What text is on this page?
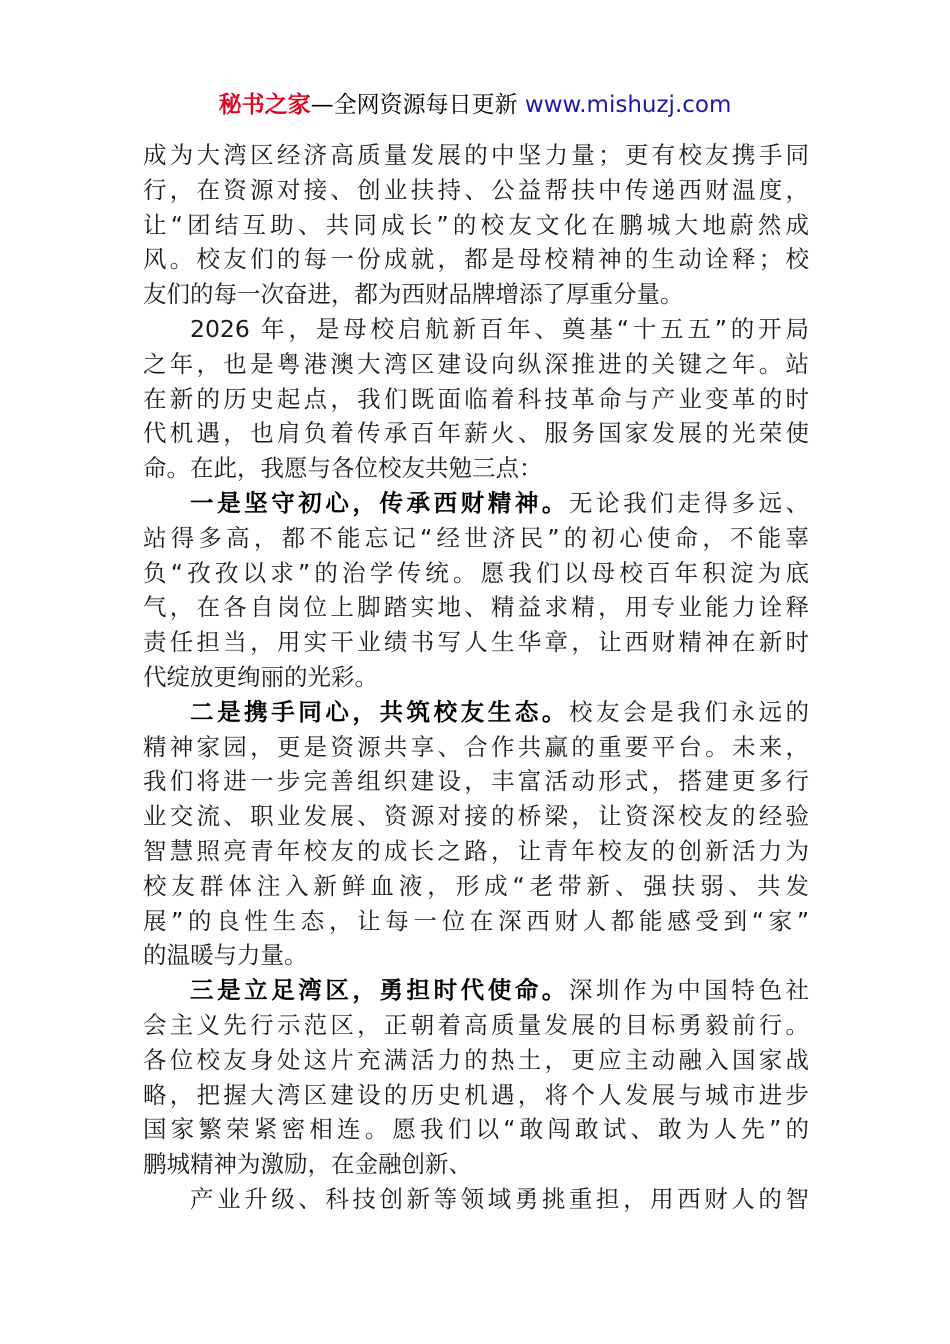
秘书之家—全网资源每日更新 www.mishuzj.com
成为大湾区经济高质量发展的中坚力量；更有校友携手同
行，在资源对接、创业扶持、公益帮扶中传递西财温度，
让“团结互助、共同成长”的校友文化在鹏城大地蔚然成
风。校友们的每一份成就，都是母校精神的生动诠释；校
友们的每一次奋进，都为西财品牌增添了厚重分量。
2026 年，是母校启航新百年、奠基“十五五”的开局
之年，也是粤港澳大湾区建设向纵深推进的关键之年。站
在新的历史起点，我们既面临着科技革命与产业变革的时
代机遇，也肩负着传承百年薪火、服务国家发展的光荣使
命。在此，我愿与各位校友共勉三点：
一是坚守初心，传承西财精神。无论我们走得多远、
站得多高，都不能忘记“经世济民”的初心使命，不能辜
负“孜孜以求”的治学传统。愿我们以母校百年积淀为底
气，在各自岗位上脚踏实地、精益求精，用专业能力诠释
责任担当，用实干业绩书写人生华章，让西财精神在新时
代绽放更绚丽的光彩。
二是携手同心，共筑校友生态。校友会是我们永远的
精神家园，更是资源共享、合作共赢的重要平台。未来，
我们将进一步完善组织建设，丰富活动形式，搭建更多行
业交流、职业发展、资源对接的桥梁，让资深校友的经验
智慧照亮青年校友的成长之路，让青年校友的创新活力为
校友群体注入新鲜血液，形成“老带新、强扶弱、共发
展”的良性生态，让每一位在深西财人都能感受到“家”
的温暖与力量。
三是立足湾区，勇担时代使命。深圳作为中国特色社
会主义先行示范区，正朝着高质量发展的目标勇毅前行。
各位校友身处这片充满活力的热土，更应主动融入国家战
略，把握大湾区建设的历史机遇，将个人发展与城市进步
国家繁荣紧密相连。愿我们以“敢闯敢试、敢为人先”的
鹏城精神为激励，在金融创新、
产业升级、科技创新等领域勇挑重担，用西财人的智
